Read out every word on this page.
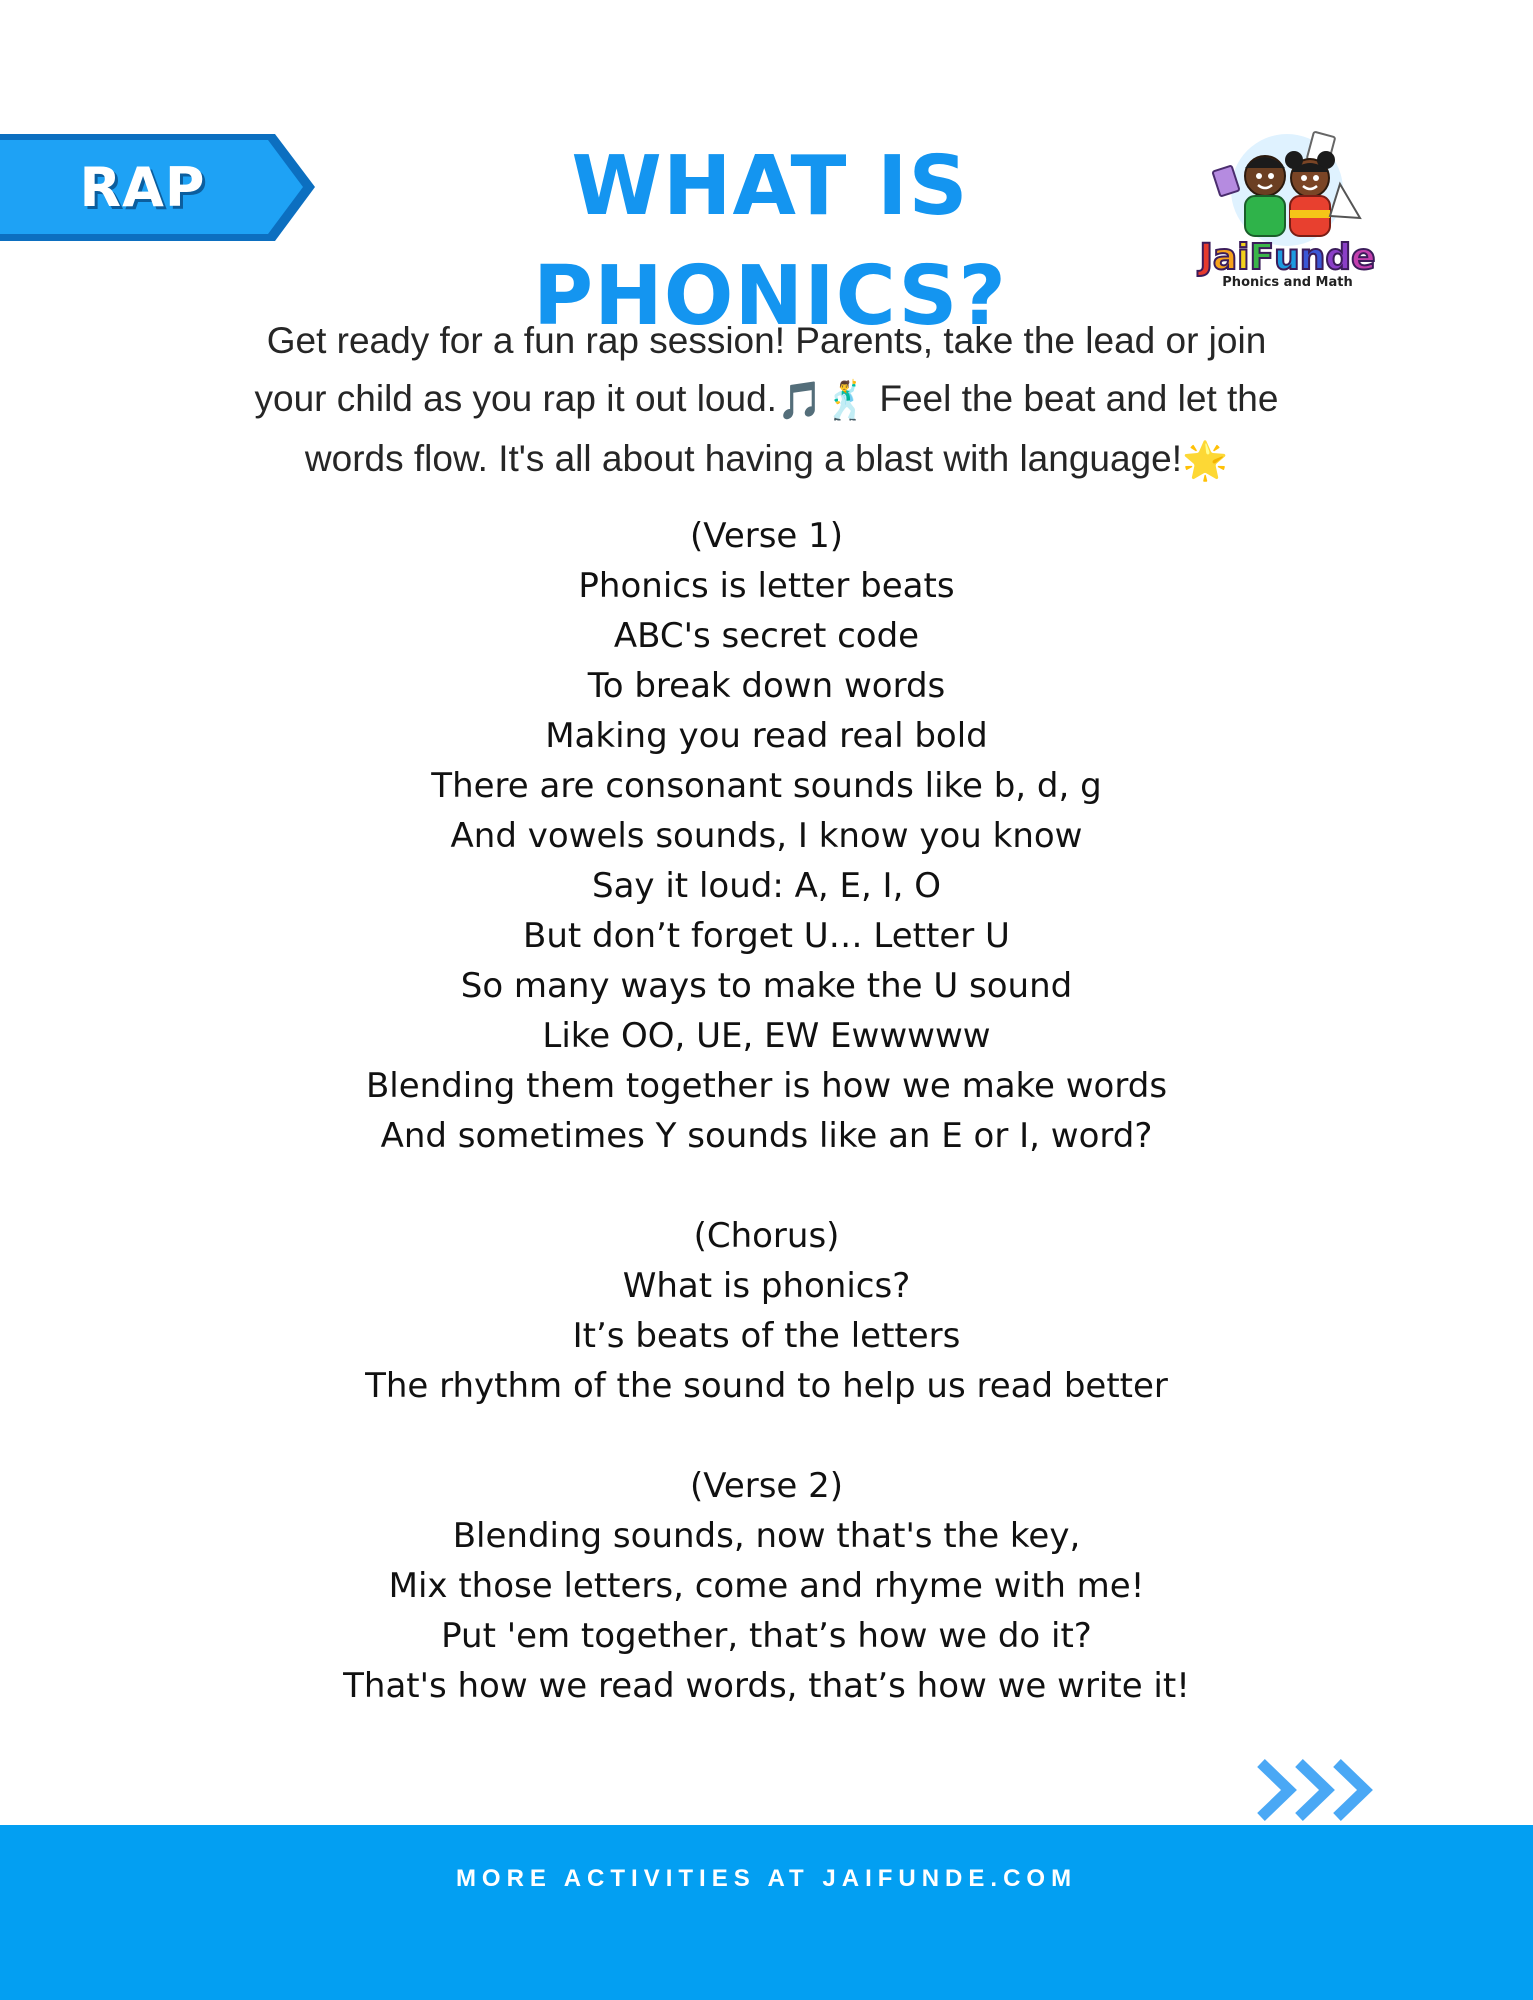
RAP	WHAT IS PHONICS?	JaiFunde
Phonics and Math
Get ready for a fun rap session! Parents, take the lead or join
your child as you rap it out loud.🎵🕺 Feel the beat and let the
words flow. It's all about having a blast with language!🌟
(Verse 1)
Phonics is letter beats
ABC's secret code
To break down words
Making you read real bold
There are consonant sounds like b, d, g
And vowels sounds, I know you know
Say it loud: A, E, I, O
But don’t forget U… Letter U
So many ways to make the U sound
Like OO, UE, EW Ewwwww
Blending them together is how we make words
And sometimes Y sounds like an E or I, word?
(Chorus)
What is phonics?
It’s beats of the letters
The rhythm of the sound to help us read better
(Verse 2)
Blending sounds, now that's the key,
Mix those letters, come and rhyme with me!
Put 'em together, that’s how we do it?
That's how we read words, that’s how we write it!
MORE ACTIVITIES AT JAIFUNDE.COM
